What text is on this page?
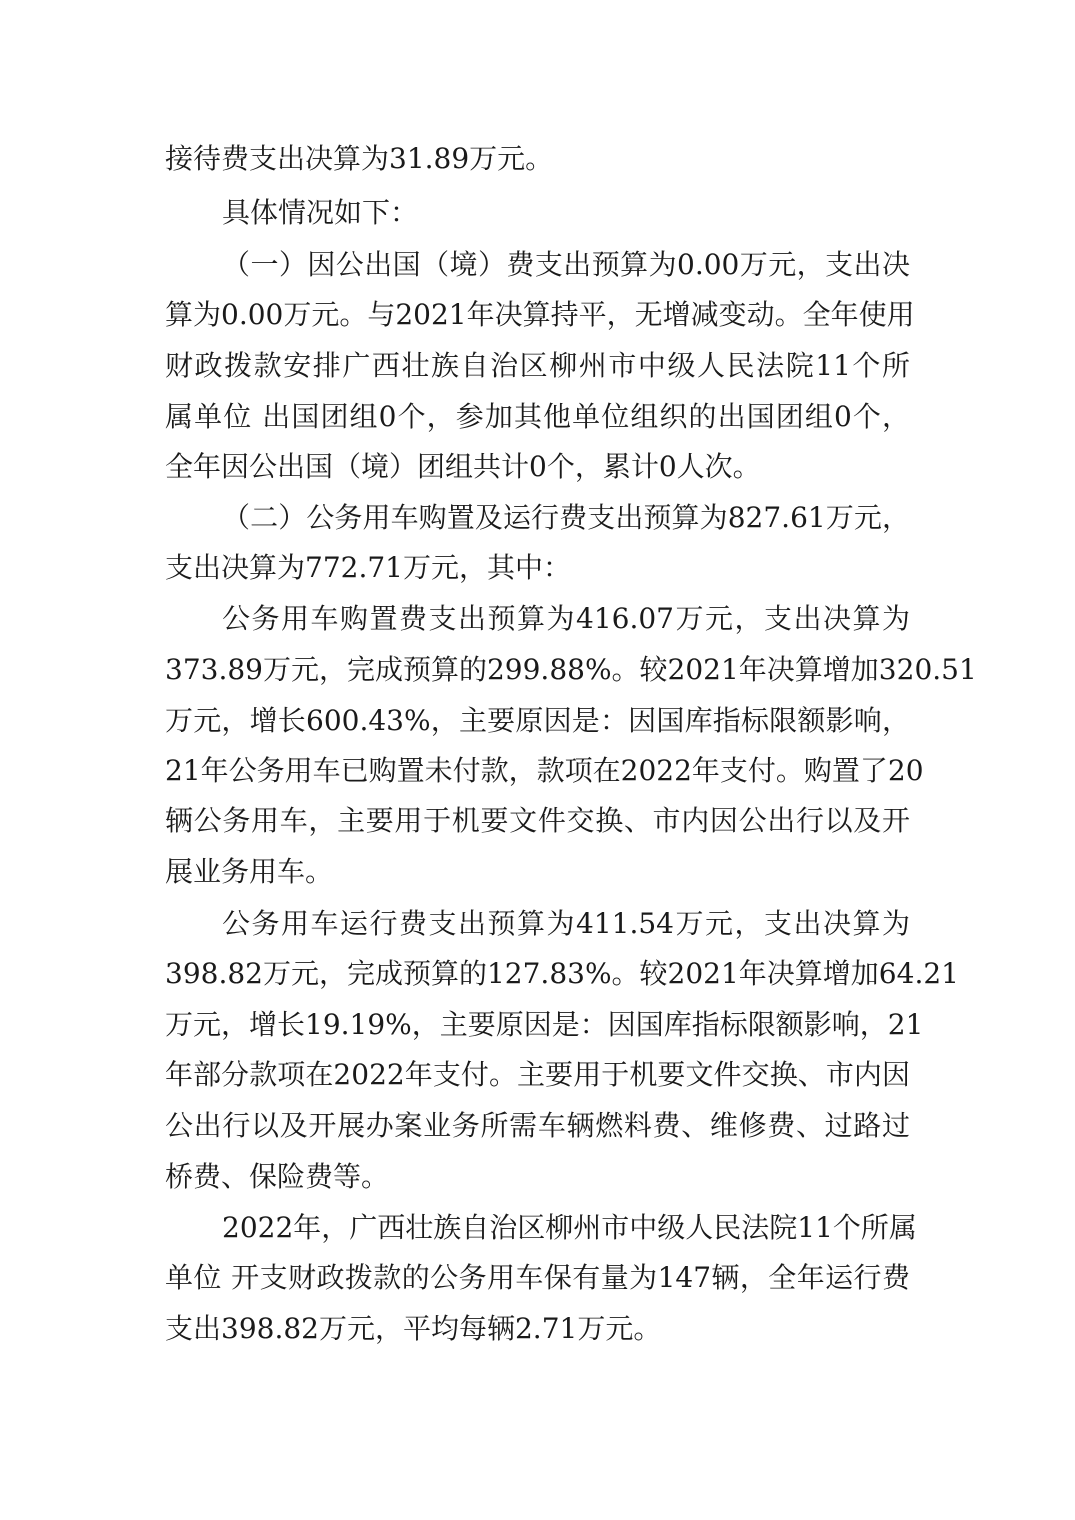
接待费支出决算为31.89万元。
具体情况如下：
（一）因公出国（境）费支出预算为0.00万元，支出决
算为0.00万元。与2021年决算持平，无增减变动。全年使用
财政拨款安排广西壮族自治区柳州市中级人民法院11个所
属单位 出国团组0个，参加其他单位组织的出国团组0个，
全年因公出国（境）团组共计0个，累计0人次。
（二）公务用车购置及运行费支出预算为827.61万元，
支出决算为772.71万元，其中：
公务用车购置费支出预算为416.07万元，支出决算为
373.89万元，完成预算的299.88%。较2021年决算增加320.51
万元，增长600.43%，主要原因是：因国库指标限额影响，
21年公务用车已购置未付款，款项在2022年支付。购置了20
辆公务用车，主要用于机要文件交换、市内因公出行以及开
展业务用车。
公务用车运行费支出预算为411.54万元，支出决算为
398.82万元，完成预算的127.83%。较2021年决算增加64.21
万元，增长19.19%，主要原因是：因国库指标限额影响，21
年部分款项在2022年支付。主要用于机要文件交换、市内因
公出行以及开展办案业务所需车辆燃料费、维修费、过路过
桥费、保险费等。
2022年，广西壮族自治区柳州市中级人民法院11个所属
单位 开支财政拨款的公务用车保有量为147辆，全年运行费
支出398.82万元，平均每辆2.71万元。
